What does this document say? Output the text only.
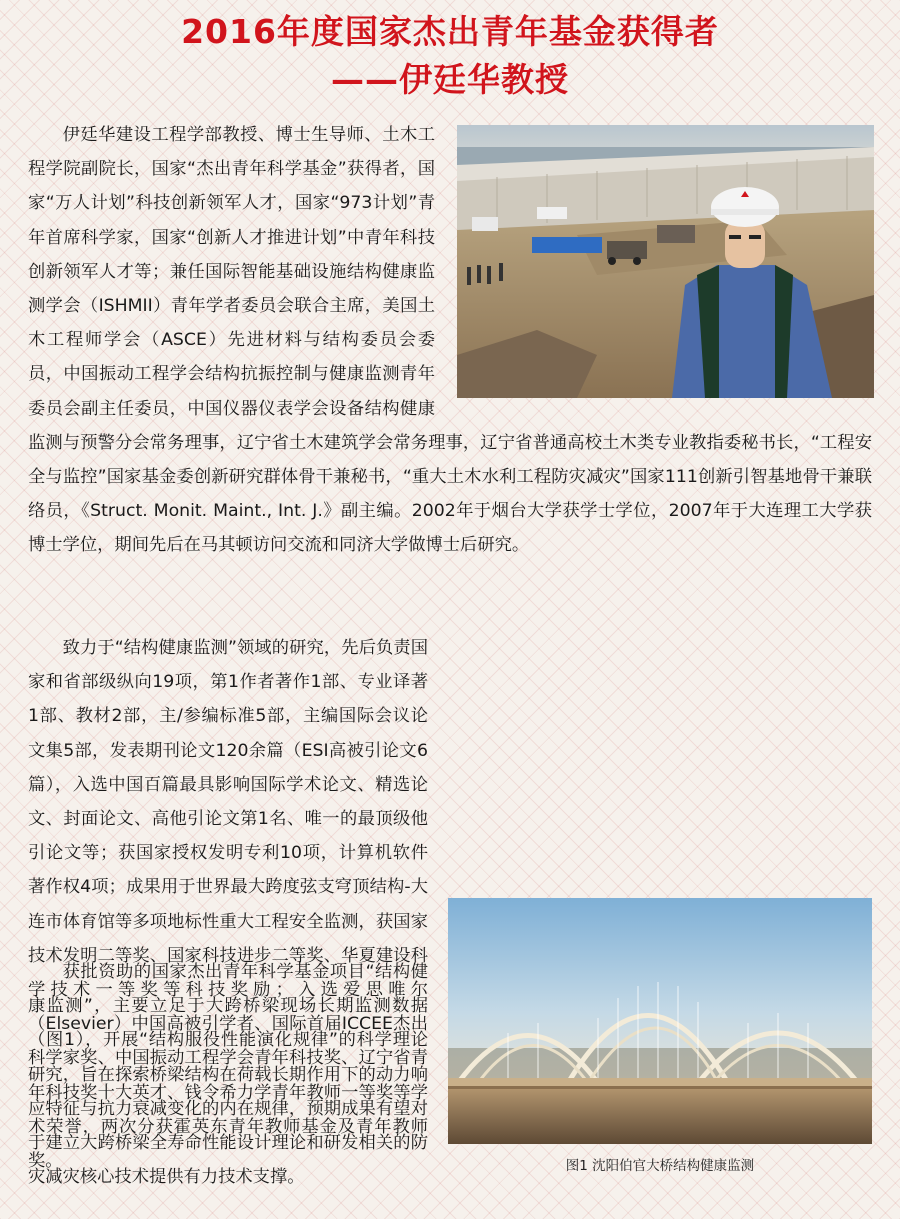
2016年度国家杰出青年基金获得者
——伊廷华教授

伊廷华建设工程学部教授、博士生导师、土木工程学院副院长，国家“杰出青年科学基金”获得者，国家“万人计划”科技创新领军人才，国家“973计划”青年首席科学家，国家“创新人才推进计划”中青年科技创新领军人才等；兼任国际智能基础设施结构健康监测学会（ISHMII）青年学者委员会联合主席，美国土木工程师学会（ASCE）先进材料与结构委员会委员，中国振动工程学会结构抗振控制与健康监测青年委员会副主任委员，中国仪器仪表学会设备结构健康监测与预警分会常务理事，辽宁省土木建筑学会常务理事，辽宁省普通高校土木类专业教指委秘书长，“工程安全与监控”国家基金委创新研究群体骨干兼秘书，“重大土木水利工程防灾减灾”国家111创新引智基地骨干兼联络员，《Struct. Monit. Maint., Int. J.》副主编。2002年于烟台大学获学士学位，2007年于大连理工大学获博士学位，期间先后在马其顿访问交流和同济大学做博士后研究。

致力于“结构健康监测”领域的研究，先后负责国家和省部级纵向19项，第1作者著作1部、专业译著1部、教材2部，主/参编标准5部，主编国际会议论文集5部，发表期刊论文120余篇（ESI高被引论文6篇），入选中国百篇最具影响国际学术论文、精选论文、封面论文、高他引论文第1名、唯一的最顶级他引论文等；获国家授权发明专利10项，计算机软件著作权4项；成果用于世界最大跨度弦支穹顶结构-大连市体育馆等多项地标性重大工程安全监测，获国家技术发明二等奖、国家科技进步二等奖、华夏建设科学技术一等奖等科技奖励；入选爱思唯尔（Elsevier）中国高被引学者、国际首届ICCEE杰出科学家奖、中国振动工程学会青年科技奖、辽宁省青年科技奖十大英才、钱令希力学青年教师一等奖等学术荣誉，两次分获霍英东青年教师基金及青年教师奖。

获批资助的国家杰出青年科学基金项目“结构健康监测”，主要立足于大跨桥梁现场长期监测数据（图1），开展“结构服役性能演化规律”的科学理论研究，旨在探索桥梁结构在荷载长期作用下的动力响应特征与抗力衰减变化的内在规律，预期成果有望对于建立大跨桥梁全寿命性能设计理论和研发相关的防灾减灾核心技术提供有力技术支撑。

图1 沈阳伯官大桥结构健康监测
